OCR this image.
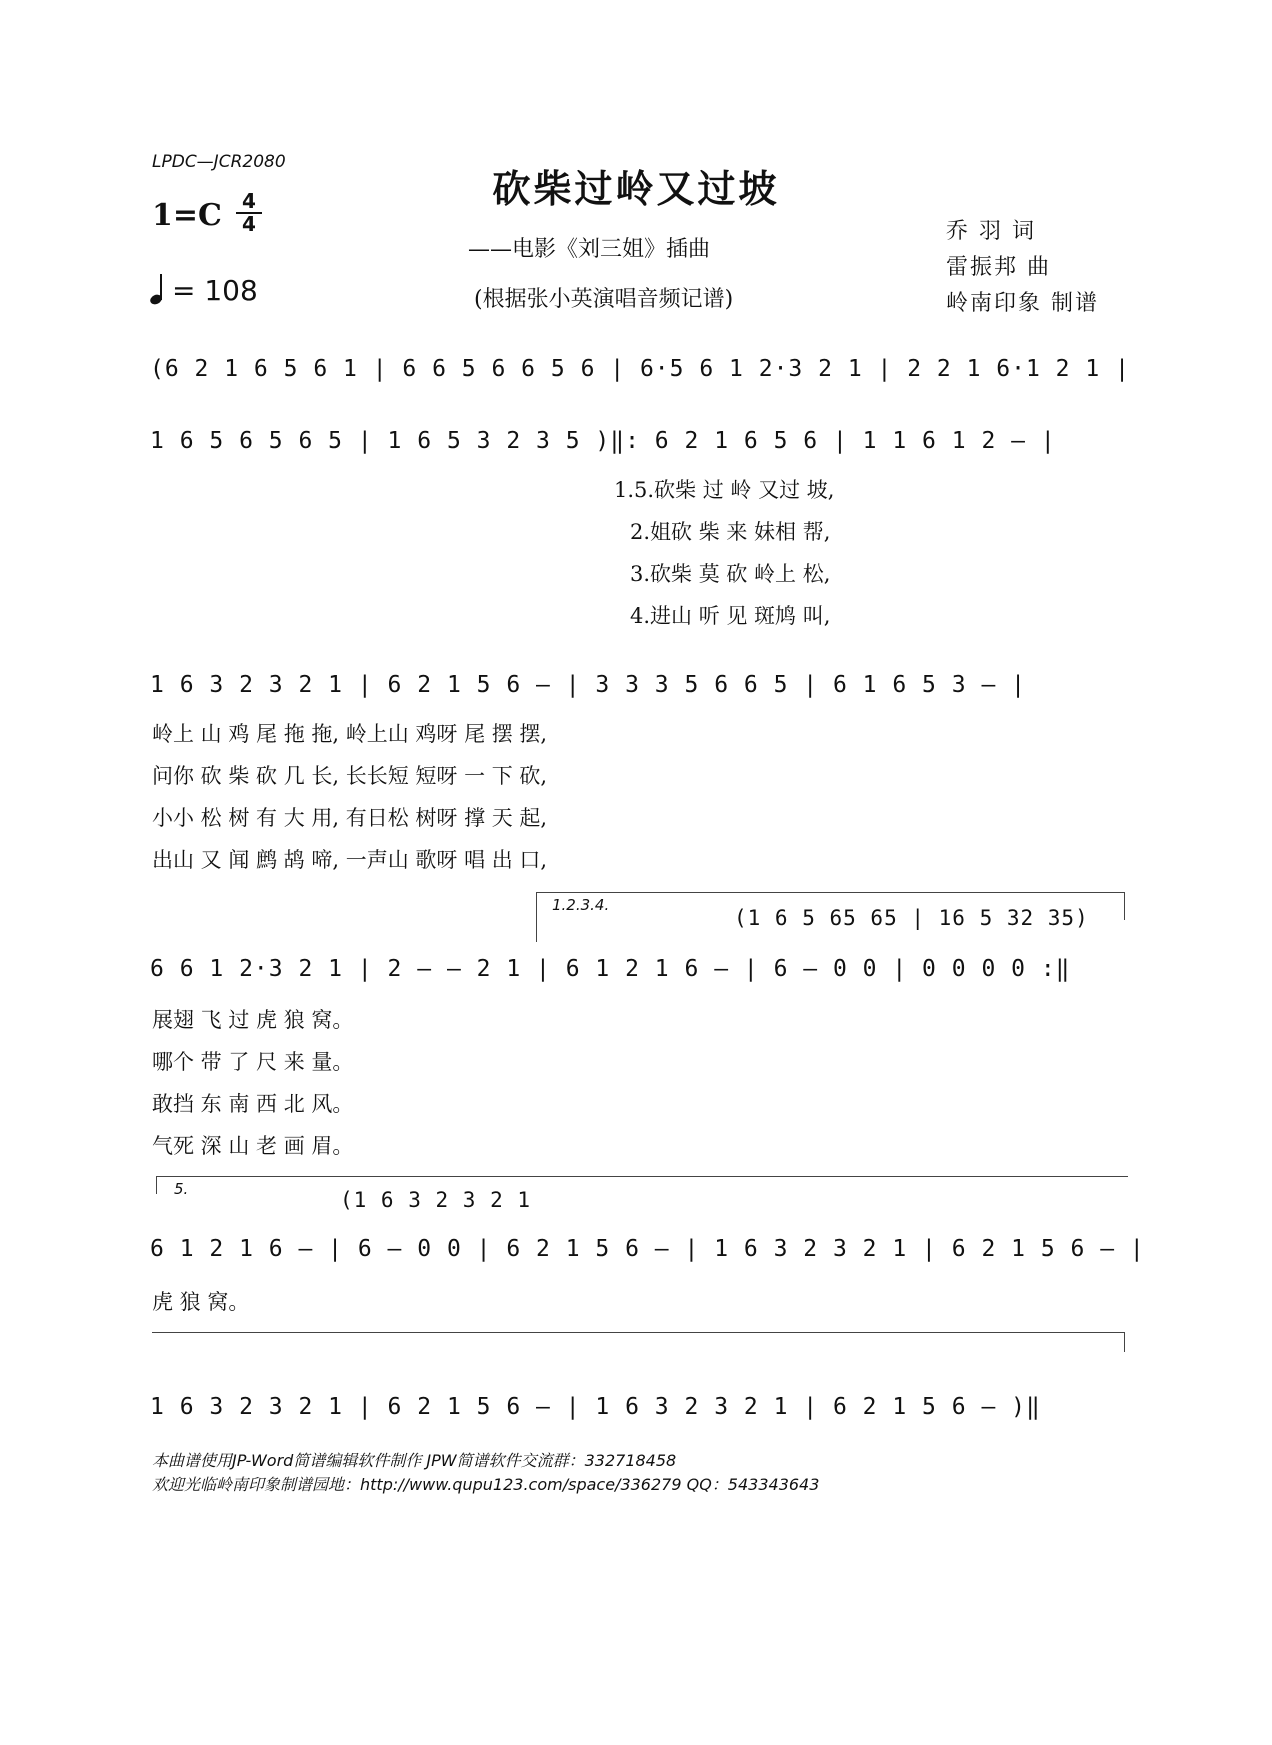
LPDC—JCR2080
砍柴过岭又过坡
1=C	4
4
= 108
——电影《刘三姐》插曲
(根据张小英演唱音频记谱)
乔 羽 词
雷振邦 曲
岭南印象 制谱
(6 2 1 6 5 6 1 | 6 6 5 6 6 5 6 | 6·5 6 1 2·3 2 1 | 2 2 1 6·1 2 1 |
1 6 5 6 5 6 5 | 1 6 5 3 2 3 5 )‖: 6 2 1 6 5 6 | 1 1 6 1 2 – |
1.5.砍柴 过 岭 又过 坡,
2.姐砍 柴 来 妹相 帮,
3.砍柴 莫 砍 岭上 松,
4.进山 听 见 斑鸠 叫,
1 6 3 2 3 2 1 | 6 2 1 5 6 – | 3 3 3 5 6 6 5 | 6 1 6 5 3 – |
岭上 山 鸡 尾 拖 拖, 岭上山 鸡呀 尾 摆 摆,
问你 砍 柴 砍 几 长, 长长短 短呀 一 下 砍,
小小 松 树 有 大 用, 有日松 树呀 撑 天 起,
出山 又 闻 鹧 鸪 啼, 一声山 歌呀 唱 出 口,
1.2.3.4.
(1 6 5 65 65 | 16 5 32 35)
6 6 1 2·3 2 1 | 2 – – 2 1 | 6 1 2 1 6 – | 6 – 0 0 | 0 0 0 0 :‖
展翅 飞 过 虎 狼 窝。
哪个 带 了 尺 来 量。
敢挡 东 南 西 北 风。
气死 深 山 老 画 眉。
5.	(1 6 3 2 3 2 1
6 1 2 1 6 – | 6 – 0 0 | 6 2 1 5 6 – | 1 6 3 2 3 2 1 | 6 2 1 5 6 – |
虎 狼 窝。
1 6 3 2 3 2 1 | 6 2 1 5 6 – | 1 6 3 2 3 2 1 | 6 2 1 5 6 – )‖
本曲谱使用JP-Word简谱编辑软件制作 JPW简谱软件交流群：332718458
欢迎光临岭南印象制谱园地：http://www.qupu123.com/space/336279 QQ：543343643
